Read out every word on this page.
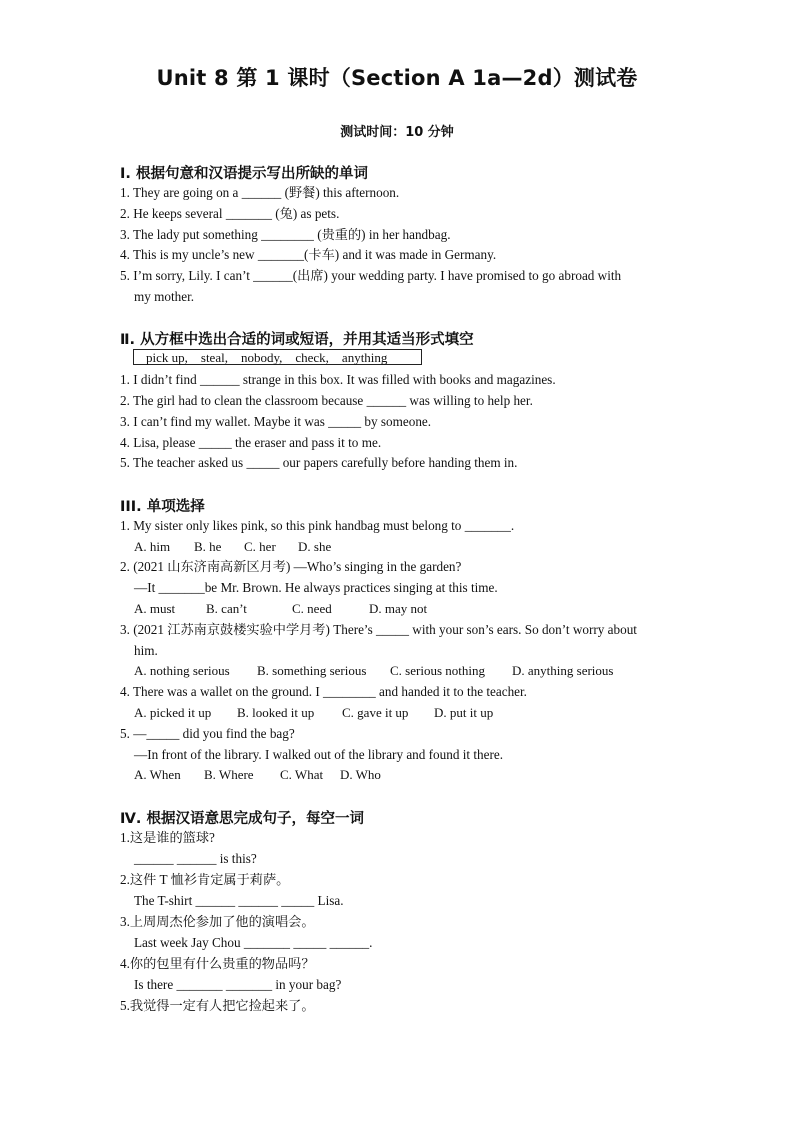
Unit 8 第 1 课时（Section A 1a—2d）测试卷
测试时间：10 分钟
Ⅰ. 根据句意和汉语提示写出所缺的单词
1. They are going on a ______ (野餐) this afternoon.
2. He keeps several _______ (兔) as pets.
3. The lady put something ________ (贵重的) in her handbag.
4. This is my uncle’s new _______(卡车) and it was made in Germany.
5. I’m sorry, Lily. I can’t ______(出席) your wedding party. I have promised to go abroad with
my mother.
Ⅱ. 从方框中选出合适的词或短语，并用其适当形式填空
pick up,    steal,    nobody,    check,    anything
1. I didn’t find ______ strange in this box. It was filled with books and magazines.
2. The girl had to clean the classroom because ______ was willing to help her.
3. I can’t find my wallet. Maybe it was _____ by someone.
4. Lisa, please _____ the eraser and pass it to me.
5. The teacher asked us _____ our papers carefully before handing them in.
III. 单项选择
1. My sister only likes pink, so this pink handbag must belong to _______.
A. him B. he C. her D. she
2. (2021 山东济南高新区月考) —Who’s singing in the garden?
—It _______be Mr. Brown. He always practices singing at this time.
A. must B. can’t	C. need	D. may not
3. (2021 江苏南京鼓楼实验中学月考) There’s _____ with your son’s ears. So don’t worry about
him.
A. nothing serious B. something serious C. serious nothing D. anything serious
4. There was a wallet on the ground. I ________ and handed it to the teacher.
A. picked it up B. looked it up C. gave it up D. put it up
5. —_____ did you find the bag?
—In front of the library. I walked out of the library and found it there.
A. When B. Where C. What D. Who
Ⅳ. 根据汉语意思完成句子，每空一词
1.这是谁的篮球?
______ ______ is this?
2.这件 T 恤衫肯定属于莉萨。
The T-shirt ______ ______ _____ Lisa.
3.上周周杰伦参加了他的演唱会。
Last week Jay Chou _______ _____ ______.
4.你的包里有什么贵重的物品吗？
Is there _______ _______ in your bag?
5.我觉得一定有人把它捡起来了。
